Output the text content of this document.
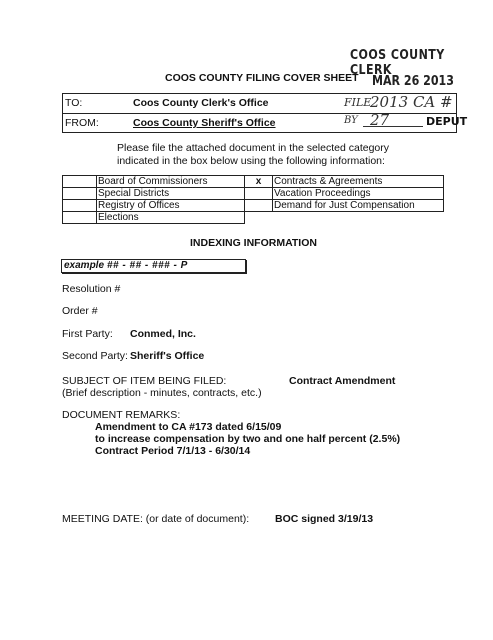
COOS COUNTY CLERK
COOS COUNTY FILING COVER SHEET MAR 26 2013
TO:	Coos County Clerk's Office
FROM:	Coos County Sheriff's Office
FILE
2013 CA # 27
BY	DEPUT
Please file the attached document in the selected category indicated in the box below using the following information:
	Board of Commissioners	x	Contracts & Agreements
	Special Districts		Vacation Proceedings
	Registry of Offices		Demand for Just Compensation
	Elections		
INDEXING INFORMATION
example ## - ## - ### - P
Resolution #
Order #
First Party: Conmed, Inc.
Second Party: Sheriff's Office
SUBJECT OF ITEM BEING FILED:
(Brief description - minutes, contracts, etc.)
Contract Amendment
DOCUMENT REMARKS:
Amendment to CA #173 dated 6/15/09
to increase compensation by two and one half percent (2.5%)
Contract Period 7/1/13 - 6/30/14
MEETING DATE: (or date of document): BOC signed 3/19/13
